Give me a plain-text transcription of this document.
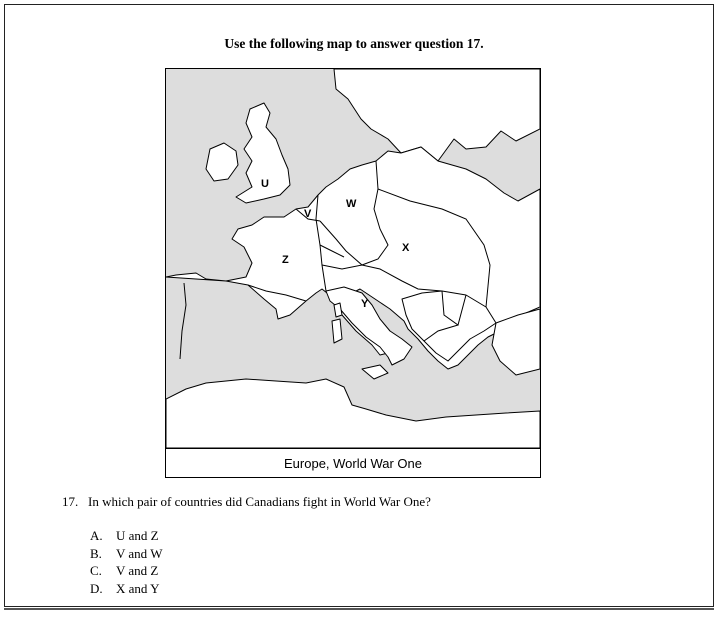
Use the following map to answer question 17.
U
V
W
X
Y
Z
Europe, World War One
17. In which pair of countries did Canadians fight in World War One?
A. U and Z
B. V and W
C. V and Z
D. X and Y
